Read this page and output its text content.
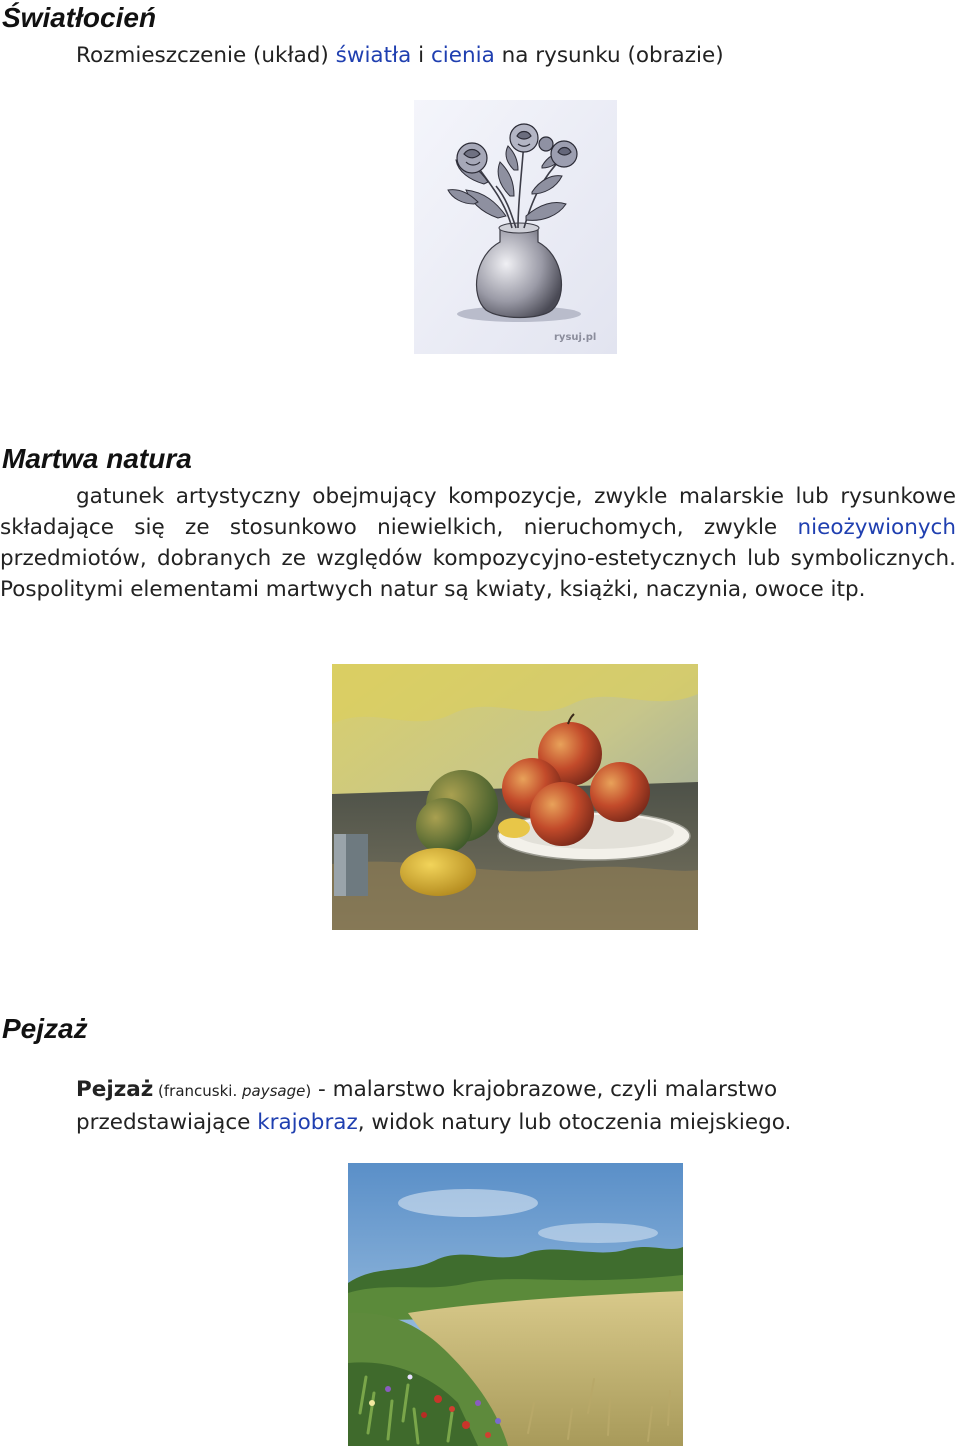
Światłocień

Rozmieszczenie (układ) światła i cienia na rysunku (obrazie)

rysuj.pl
Martwa natura

gatunek artystyczny obejmujący kompozycje, zwykle malarskie lub rysunkowe składające się ze stosunkowo niewielkich, nieruchomych, zwykle nieożywionych przedmiotów, dobranych ze względów kompozycyjno-estetycznych lub symbolicznych. Pospolitymi elementami martwych natur są kwiaty, książki, naczynia, owoce itp.

Pejzaż

Pejzaż (francuski. paysage) - malarstwo krajobrazowe, czyli malarstwo przedstawiające krajobraz, widok natury lub otoczenia miejskiego.
